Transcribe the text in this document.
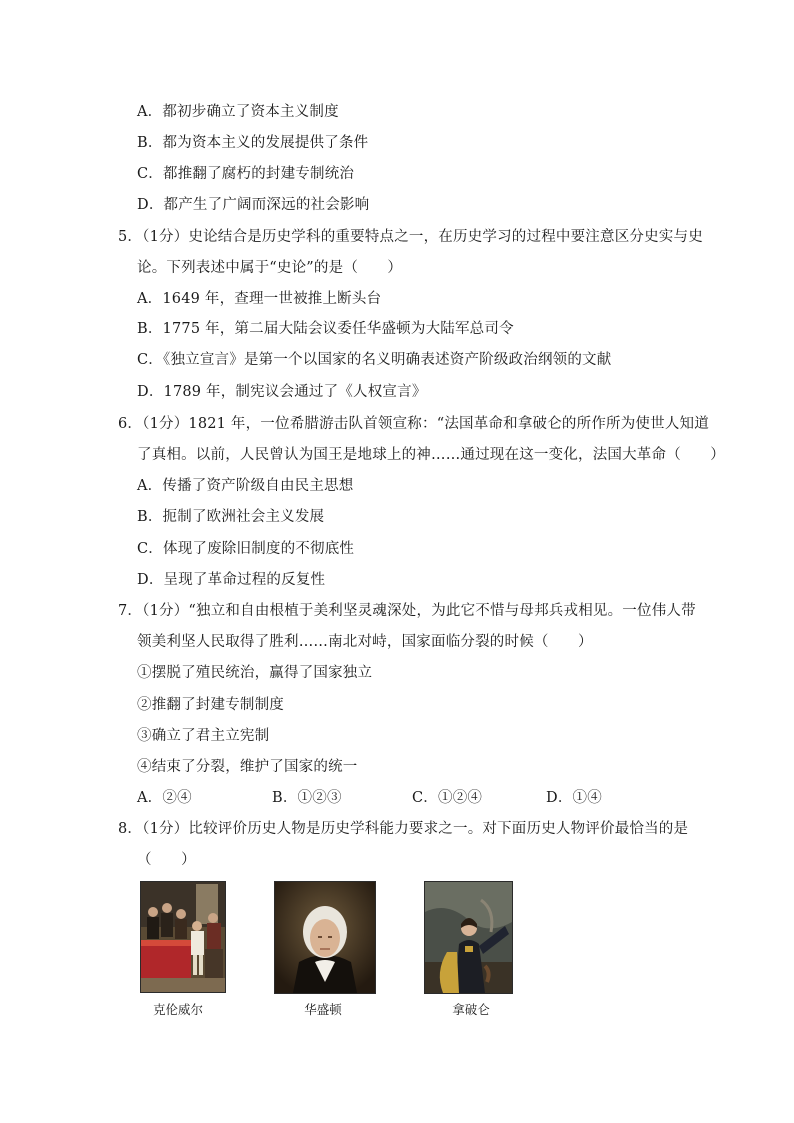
A．都初步确立了资本主义制度
B．都为资本主义的发展提供了条件
C．都推翻了腐朽的封建专制统治
D．都产生了广阔而深远的社会影响
5．（1分）史论结合是历史学科的重要特点之一，在历史学习的过程中要注意区分史实与史
论。下列表述中属于“史论”的是（　　）
A．1649 年，查理一世被推上断头台
B．1775 年，第二届大陆会议委任华盛顿为大陆军总司令
C．《独立宣言》是第一个以国家的名义明确表述资产阶级政治纲领的文献
D．1789 年，制宪议会通过了《人权宣言》
6．（1分）1821 年，一位希腊游击队首领宣称：“法国革命和拿破仑的所作所为使世人知道
了真相。以前，人民曾认为国王是地球上的神……通过现在这一变化，法国大革命（　　）
A．传播了资产阶级自由民主思想
B．扼制了欧洲社会主义发展
C．体现了废除旧制度的不彻底性
D．呈现了革命过程的反复性
7．（1分）“独立和自由根植于美利坚灵魂深处，为此它不惜与母邦兵戎相见。一位伟人带
领美利坚人民取得了胜利……南北对峙，国家面临分裂的时候（　　）
①摆脱了殖民统治，赢得了国家独立
②推翻了封建专制制度
③确立了君主立宪制
④结束了分裂，维护了国家的统一
A．②④	B．①②③	C．①②④	D．①④
8．（1分）比较评价历史人物是历史学科能力要求之一。对下面历史人物评价最恰当的是
（　　）
克伦威尔	华盛顿	拿破仑
